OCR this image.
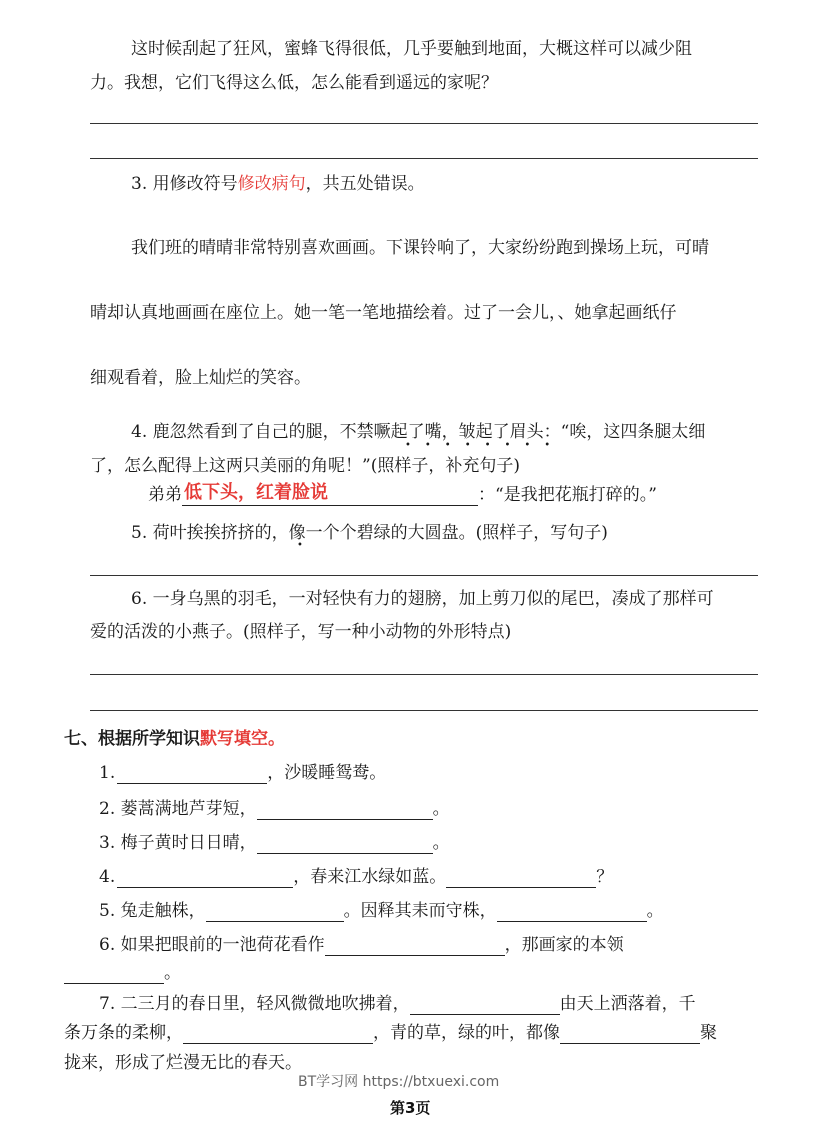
这时候刮起了狂风，蜜蜂飞得很低，几乎要触到地面，大概这样可以减少阻
力。我想，它们飞得这么低，怎么能看到遥远的家呢？
3. 用修改符号修改病句，共五处错误。
我们班的晴晴非常特别喜欢画画。下课铃响了，大家纷纷跑到操场上玩，可晴
晴却认真地画画在座位上。她一笔一笔地描绘着。过了一会儿，、她拿起画纸仔
细观看着，脸上灿烂的笑容。
4. 鹿忽然看到了自己的腿，不禁噘起了嘴，皱起了眉头：“唉，这四条腿太细
••••••••
了，怎么配得上这两只美丽的角呢！”(照样子，补充句子)
弟弟 低下头，红着脸说	：“是我把花瓶打碎的。”
5. 荷叶挨挨挤挤的，像一个个碧绿的大圆盘。(照样子，写句子)
•
6. 一身乌黑的羽毛，一对轻快有力的翅膀，加上剪刀似的尾巴，凑成了那样可
爱的活泼的小燕子。(照样子，写一种小动物的外形特点)
七、根据所学知识默写填空。
1.	，沙暖睡鸳鸯。
2. 蒌蒿满地芦芽短，	。
3. 梅子黄时日日晴，	。
4.	，春来江水绿如蓝。	？
5. 兔走触株，	。因释其耒而守株，	。
6. 如果把眼前的一池荷花看作	，那画家的本领
。
7. 二三月的春日里，轻风微微地吹拂着，	由天上洒落着，千
条万条的柔柳，	，青的草，绿的叶，都像	聚
拢来，形成了烂漫无比的春天。
BT学习网 https://btxuexi.com
第3页
